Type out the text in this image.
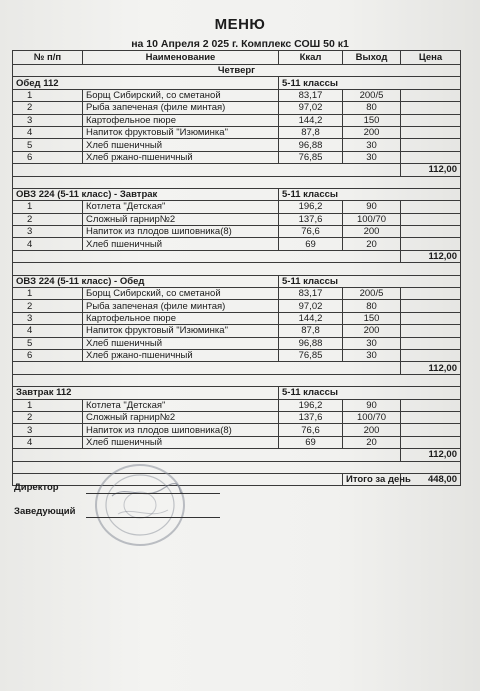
МЕНЮ
на 10 Апреля 2 025 г. Комплекс СОШ 50 к1
№ п/п	Наименование	Ккал	Выход	Цена
Четверг				
Обед 112		5-11 классы		
1	Борщ Сибирский, со сметаной	83,17	200/5	
2	Рыба запеченая (филе минтая)	97,02	80	
3	Картофельное пюре	144,2	150	
4	Напиток фруктовый "Изюминка"	87,8	200	
5	Хлеб пшеничный	96,88	30	
6	Хлеб ржано-пшеничный	76,85	30	
				112,00

ОВЗ 224 (5-11 класс) - Завтрак		5-11 классы		
1	Котлета "Детская"	196,2	90	
2	Сложный гарнир№2	137,6	100/70	
3	Напиток из плодов шиповника(8)	76,6	200	
4	Хлеб пшеничный	69	20	
				112,00

ОВЗ 224 (5-11 класс) - Обед		5-11 классы		
1	Борщ Сибирский, со сметаной	83,17	200/5	
2	Рыба запеченая (филе минтая)	97,02	80	
3	Картофельное пюре	144,2	150	
4	Напиток фруктовый "Изюминка"	87,8	200	
5	Хлеб пшеничный	96,88	30	
6	Хлеб ржано-пшеничный	76,85	30	
				112,00

Завтрак 112		5-11 классы		
1	Котлета "Детская"	196,2	90	
2	Сложный гарнир№2	137,6	100/70	
3	Напиток из плодов шиповника(8)	76,6	200	
4	Хлеб пшеничный	69	20	
				112,00

			Итого за день	448,00
Директор
Заведующий
